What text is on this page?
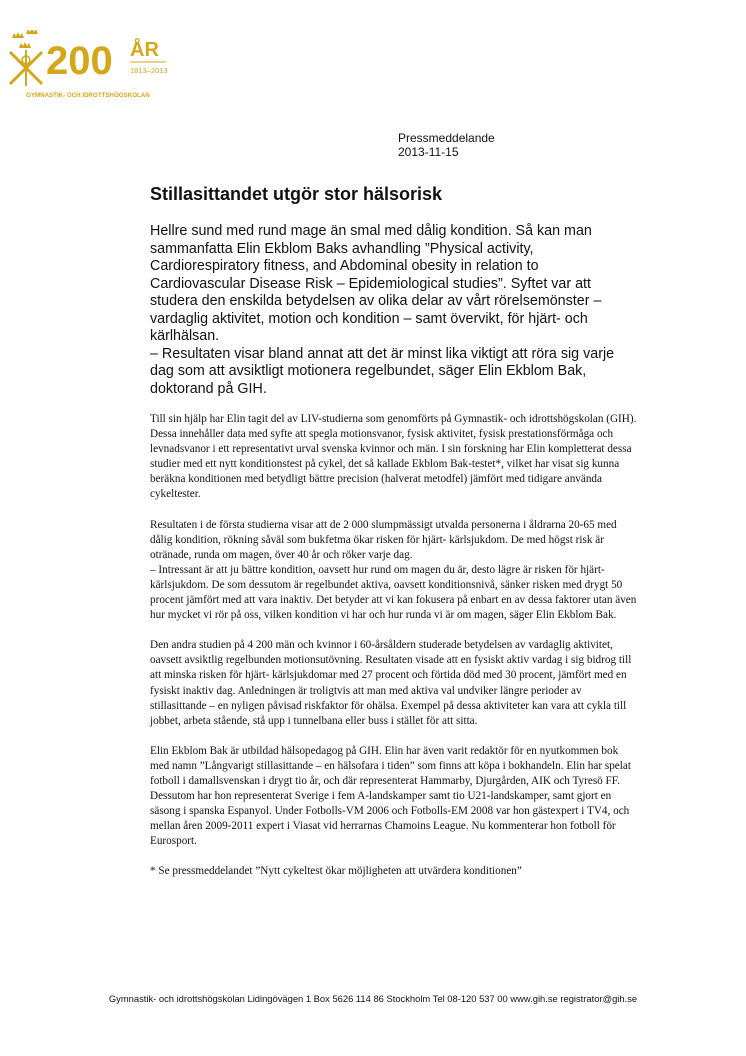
200 ÅR
1813–2013
GYMNASTIK- OCH IDROTTSHÖGSKOLAN
Pressmeddelande
2013-11-15
Stillasittandet utgör stor hälsorisk

Hellre sund med rund mage än smal med dålig kondition. Så kan man sammanfatta Elin Ekblom Baks avhandling ”Physical activity, Cardiorespiratory fitness, and Abdominal obesity in relation to Cardiovascular Disease Risk – Epidemiological studies”. Syftet var att studera den enskilda betydelsen av olika delar av vårt rörelsemönster – vardaglig aktivitet, motion och kondition – samt övervikt, för hjärt- och kärlhälsan.

– Resultaten visar bland annat att det är minst lika viktigt att röra sig varje dag som att avsiktligt motionera regelbundet, säger Elin Ekblom Bak, doktorand på GIH.

Till sin hjälp har Elin tagit del av LIV-studierna som genomförts på Gymnastik- och idrottshögskolan (GIH). Dessa innehåller data med syfte att spegla motionsvanor, fysisk aktivitet, fysisk prestationsförmåga och levnadsvanor i ett representativt urval svenska kvinnor och män. I sin forskning har Elin kompletterat dessa studier med ett nytt konditionstest på cykel, det så kallade Ekblom Bak-testet*, vilket har visat sig kunna beräkna konditionen med betydligt bättre precision (halverat metodfel) jämfört med tidigare använda cykeltester.

Resultaten i de första studierna visar att de 2 000 slumpmässigt utvalda personerna i åldrarna 20-65 med dålig kondition, rökning såväl som bukfetma ökar risken för hjärt- kärlsjukdom. De med högst risk är otränade, runda om magen, över 40 år och röker varje dag.

– Intressant är att ju bättre kondition, oavsett hur rund om magen du är, desto lägre är risken för hjärt- kärlsjukdom. De som dessutom är regelbundet aktiva, oavsett konditionsnivå, sänker risken med drygt 50 procent jämfört med att vara inaktiv. Det betyder att vi kan fokusera på enbart en av dessa faktorer utan även hur mycket vi rör på oss, vilken kondition vi har och hur runda vi är om magen, säger Elin Ekblom Bak.

Den andra studien på 4 200 män och kvinnor i 60-årsåldern studerade betydelsen av vardaglig aktivitet, oavsett avsiktlig regelbunden motionsutövning. Resultaten visade att en fysiskt aktiv vardag i sig bidrog till att minska risken för hjärt- kärlsjukdomar med 27 procent och förtida död med 30 procent, jämfört med en fysiskt inaktiv dag. Anledningen är troligtvis att man med aktiva val undviker längre perioder av stillasittande – en nyligen påvisad riskfaktor för ohälsa. Exempel på dessa aktiviteter kan vara att cykla till jobbet, arbeta stående, stå upp i tunnelbana eller buss i stället för att sitta.

Elin Ekblom Bak är utbildad hälsopedagog på GIH. Elin har även varit redaktör för en nyutkommen bok med namn ”Långvarigt stillasittande – en hälsofara i tiden” som finns att köpa i bokhandeln. Elin har spelat fotboll i damallsvenskan i drygt tio år, och där representerat Hammarby, Djurgården, AIK och Tyresö FF. Dessutom har hon representerat Sverige i fem A-landskamper samt tio U21-landskamper, samt gjort en säsong i spanska Espanyol. Under Fotbolls-VM 2006 och Fotbolls-EM 2008 var hon gästexpert i TV4, och mellan åren 2009-2011 expert i Viasat vid herrarnas Chamoins League. Nu kommenterar hon fotboll för Eurosport.

* Se pressmeddelandet ”Nytt cykeltest ökar möjligheten att utvärdera konditionen”

Gymnastik- och idrottshögskolan Lidingövägen 1 Box 5626 114 86 Stockholm Tel 08-120 537 00 www.gih.se registrator@gih.se
